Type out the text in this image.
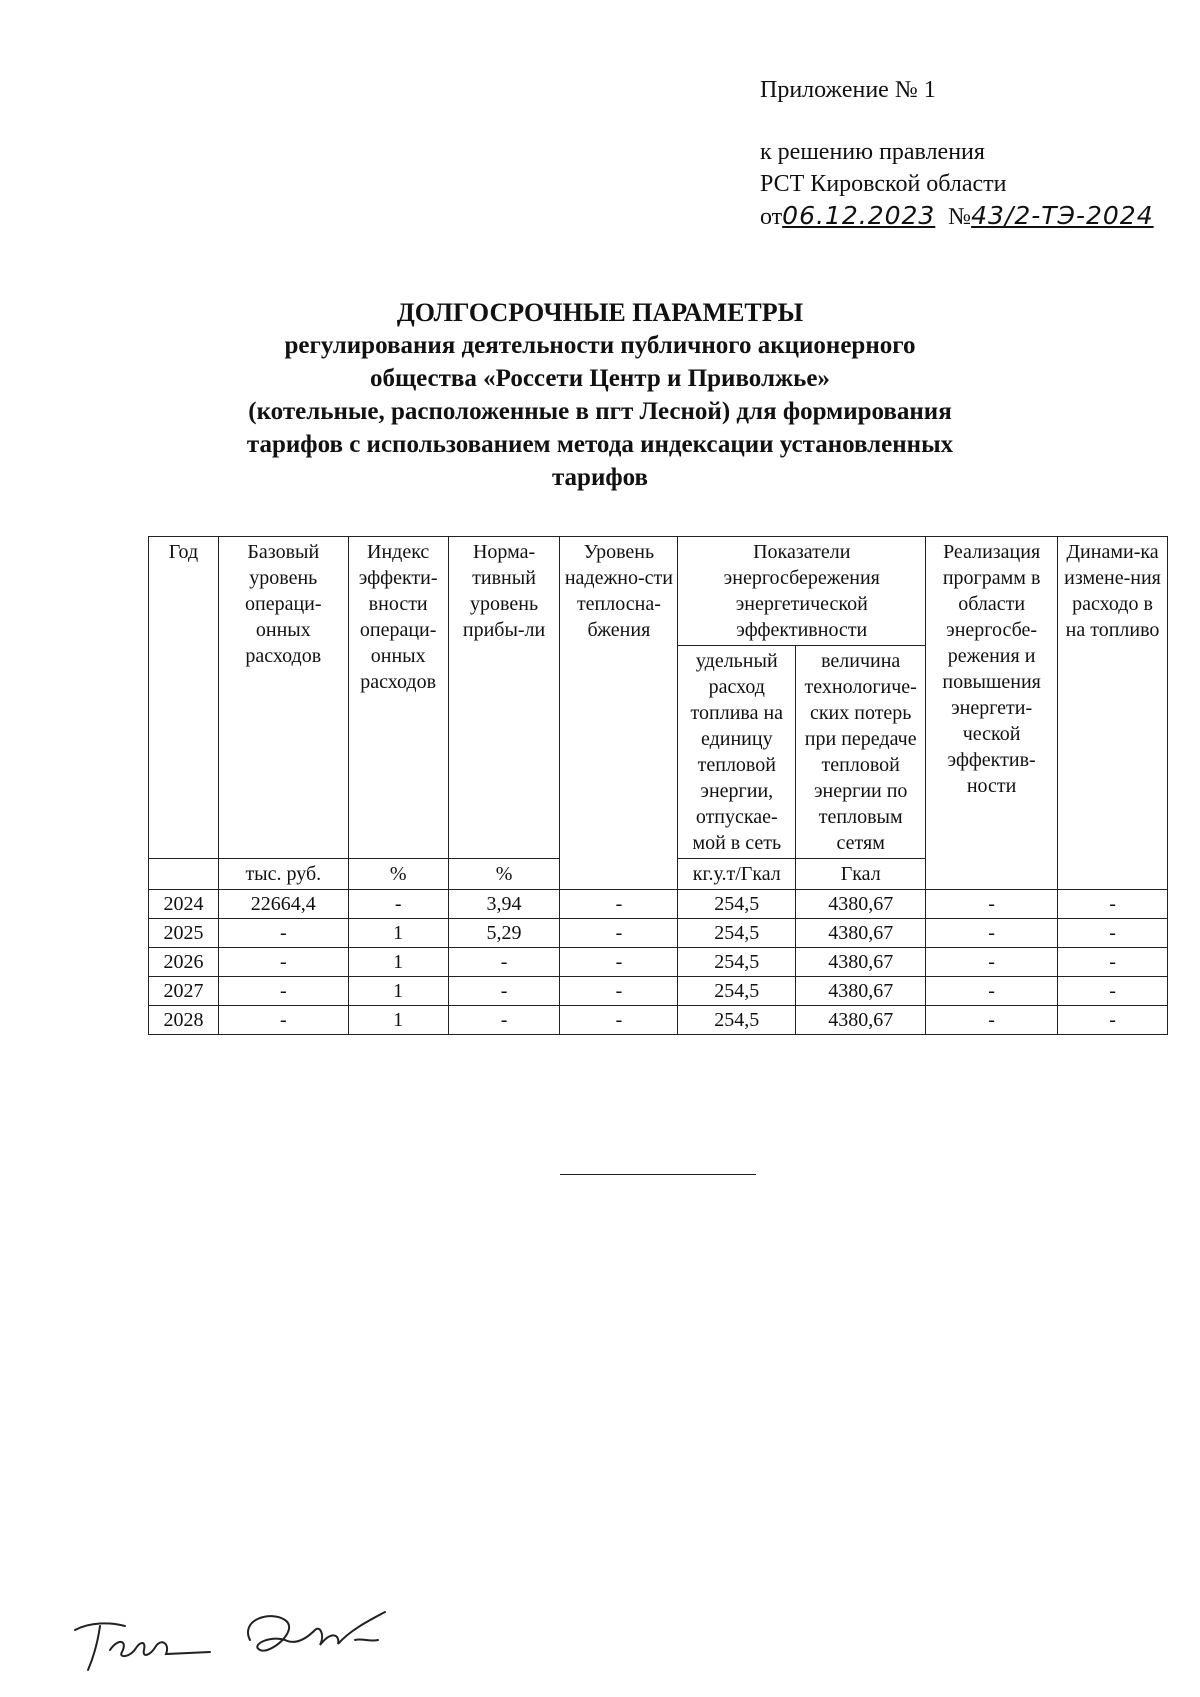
Приложение № 1
к решению правления
РСТ Кировской области
от06.12.2023 №43/2-ТЭ-2024
ДОЛГОСРОЧНЫЕ ПАРАМЕТРЫ
регулирования деятельности публичного акционерного
общества «Россети Центр и Приволжье»
(котельные, расположенные в пгт Лесной) для формирования
тарифов с использованием метода индексации установленных
тарифов
Год	Базовый уровень операци-онных расходов	Индекс эффекти-вности операци-онных расходов	Норма-тивный уровень прибы-ли	Уровень надежно-сти теплосна-бжения	Показатели энергосбережения энергетической эффективности		Реализация программ в области энергосбе-режения и повышения энергети-ческой эффектив-ности	Динами-ка измене-ния расходо в на топливо
					удельный расход топлива на единицу тепловой энергии, отпускае-мой в сеть	величина технологиче-ских потерь при передаче тепловой энергии по тепловым сетям		
	тыс. руб.	%	%		кг.у.т/Гкал	Гкал		
2024	22664,4	-	3,94	-	254,5	4380,67	-	-
2025	-	1	5,29	-	254,5	4380,67	-	-
2026	-	1	-	-	254,5	4380,67	-	-
2027	-	1	-	-	254,5	4380,67	-	-
2028	-	1	-	-	254,5	4380,67	-	-
